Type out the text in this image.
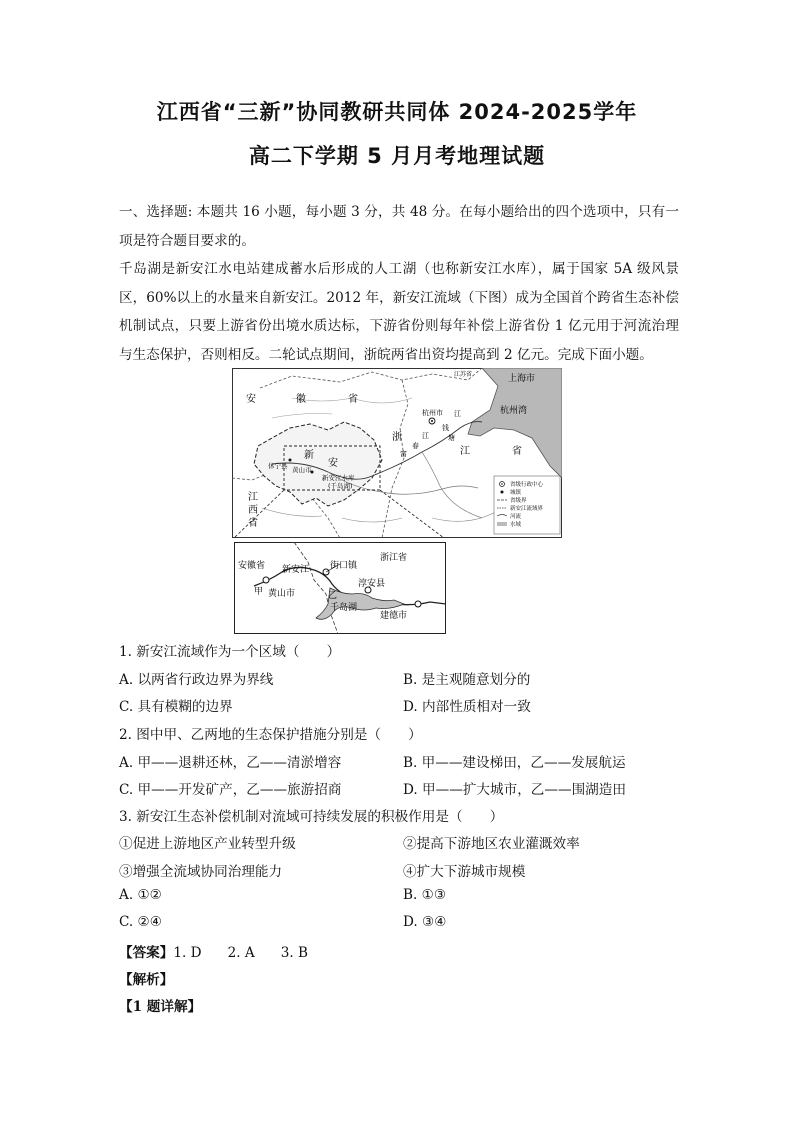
江西省“三新”协同教研共同体 2024-2025学年
高二下学期 5 月月考地理试题
一、选择题: 本题共 16 小题，每小题 3 分，共 48 分。在每小题给出的四个选项中，只有一项是符合题目要求的。
千岛湖是新安江水电站建成蓄水后形成的人工湖（也称新安江水库），属于国家 5A 级风景区，60%以上的水量来自新安江。2012 年，新安江流域（下图）成为全国首个跨省生态补偿机制试点，只要上游省份出境水质达标，下游省份则每年补偿上游省份 1 亿元用于河流治理与生态保护，否则相反。二轮试点期间，浙皖两省出资均提高到 2 亿元。完成下面小题。
安	徽	省
江苏省	上海市
杭州市	杭州湾
钱
塘
江
浙
江	省
富
春
江
新
安
休宁县 黄山市
新安江水库
(千岛湖)
江
西
省
省级行政中心
城镇
省级界
新安江流域界
河流
水域
安徽省 新安江 街口镇
浙江省
淳安县
甲 黄山市	乙
千岛湖
建德市
1. 新安江流域作为一个区域（　　）
A. 以两省行政边界为界线	B. 是主观随意划分的
C. 具有模糊的边界	D. 内部性质相对一致
2. 图中甲、乙两地的生态保护措施分别是（　　）
A. 甲——退耕还林，乙——清淤增容	B. 甲——建设梯田，乙——发展航运
C. 甲——开发矿产，乙——旅游招商	D. 甲——扩大城市，乙——围湖造田
3. 新安江生态补偿机制对流域可持续发展的积极作用是（　　）
①促进上游地区产业转型升级	②提高下游地区农业灌溉效率
③增强全流域协同治理能力	④扩大下游城市规模
A. ①②	B. ①③
C. ②④	D. ③④
【答案】1. D 2. A 3. B
【解析】
【1 题详解】
